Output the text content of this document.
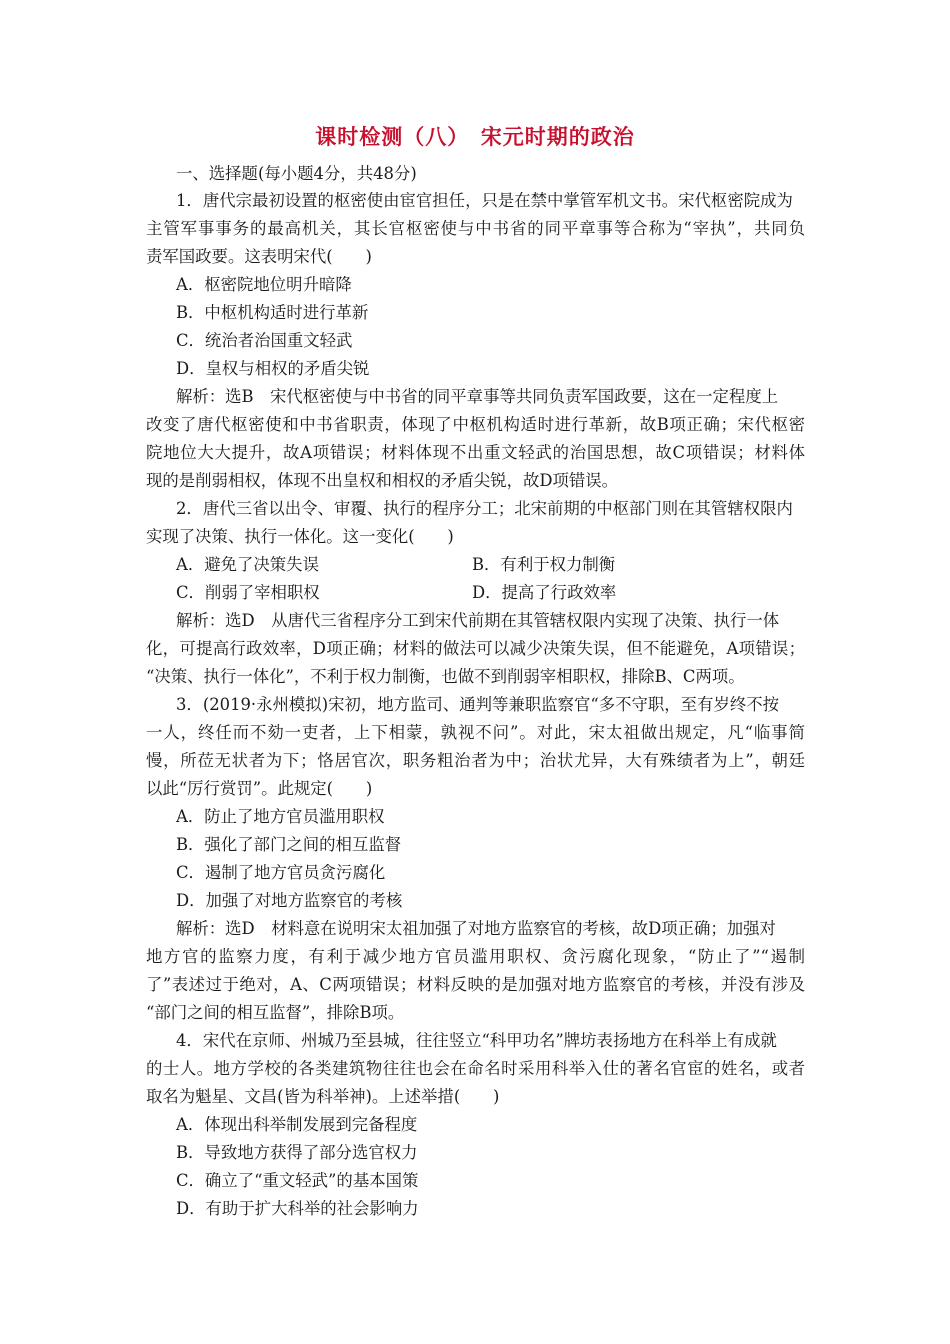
课时检测（八）　宋元时期的政治
一、选择题(每小题4分，共48分)
1．唐代宗最初设置的枢密使由宦官担任，只是在禁中掌管军机文书。宋代枢密院成为
主管军事事务的最高机关，其长官枢密使与中书省的同平章事等合称为“宰执”，共同负
责军国政要。这表明宋代(　　)
A．枢密院地位明升暗降
B．中枢机构适时进行革新
C．统治者治国重文轻武
D．皇权与相权的矛盾尖锐
解析：选B　宋代枢密使与中书省的同平章事等共同负责军国政要，这在一定程度上
改变了唐代枢密使和中书省职责，体现了中枢机构适时进行革新，故B项正确；宋代枢密
院地位大大提升，故A项错误；材料体现不出重文轻武的治国思想，故C项错误；材料体
现的是削弱相权，体现不出皇权和相权的矛盾尖锐，故D项错误。
2．唐代三省以出令、审覆、执行的程序分工；北宋前期的中枢部门则在其管辖权限内
实现了决策、执行一体化。这一变化(　　)
A．避免了决策失误	B．有利于权力制衡
C．削弱了宰相职权	D．提高了行政效率
解析：选D　从唐代三省程序分工到宋代前期在其管辖权限内实现了决策、执行一体
化，可提高行政效率，D项正确；材料的做法可以减少决策失误，但不能避免，A项错误；
“决策、执行一体化”，不利于权力制衡，也做不到削弱宰相职权，排除B、C两项。
3．(2019·永州模拟)宋初，地方监司、通判等兼职监察官“多不守职，至有岁终不按
一人，终任而不劾一吏者，上下相蒙，孰视不问”。对此，宋太祖做出规定，凡“临事简
慢，所莅无状者为下；恪居官次，职务粗治者为中；治状尤异，大有殊绩者为上”，朝廷
以此“厉行赏罚”。此规定(　　)
A．防止了地方官员滥用职权
B．强化了部门之间的相互监督
C．遏制了地方官员贪污腐化
D．加强了对地方监察官的考核
解析：选D　材料意在说明宋太祖加强了对地方监察官的考核，故D项正确；加强对
地方官的监察力度，有利于减少地方官员滥用职权、贪污腐化现象，“防止了”“遏制
了”表述过于绝对，A、C两项错误；材料反映的是加强对地方监察官的考核，并没有涉及
“部门之间的相互监督”，排除B项。
4．宋代在京师、州城乃至县城，往往竖立“科甲功名”牌坊表扬地方在科举上有成就
的士人。地方学校的各类建筑物往往也会在命名时采用科举入仕的著名官宦的姓名，或者
取名为魁星、文昌(皆为科举神)。上述举措(　　)
A．体现出科举制发展到完备程度
B．导致地方获得了部分选官权力
C．确立了“重文轻武”的基本国策
D．有助于扩大科举的社会影响力
